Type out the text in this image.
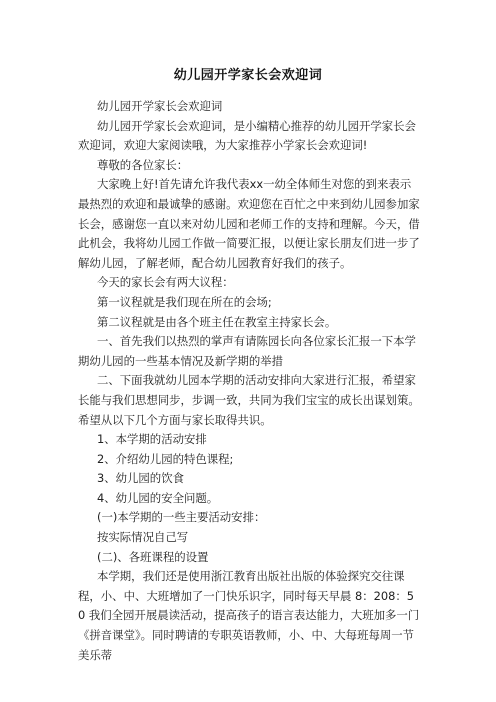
幼儿园开学家长会欢迎词

幼儿园开学家长会欢迎词

幼儿园开学家长会欢迎词，是小编精心推荐的幼儿园开学家长会欢迎词，欢迎大家阅读哦，为大家推荐小学家长会欢迎词!

尊敬的各位家长：

大家晚上好!首先请允许我代表xx一幼全体师生对您的到来表示最热烈的欢迎和最诚挚的感谢。欢迎您在百忙之中来到幼儿园参加家长会，感谢您一直以来对幼儿园和老师工作的支持和理解。今天，借此机会，我将幼儿园工作做一简要汇报，以便让家长朋友们进一步了解幼儿园，了解老师，配合幼儿园教育好我们的孩子。

今天的家长会有两大议程：

第一议程就是我们现在所在的会场;

第二议程就是由各个班主任在教室主持家长会。

一、首先我们以热烈的掌声有请陈园长向各位家长汇报一下本学期幼儿园的一些基本情况及新学期的举措

二、下面我就幼儿园本学期的活动安排向大家进行汇报，希望家长能与我们思想同步，步调一致，共同为我们宝宝的成长出谋划策。希望从以下几个方面与家长取得共识。

1、本学期的活动安排

2、介绍幼儿园的特色课程;

3、幼儿园的饮食

4、幼儿园的安全问题。

(一)本学期的一些主要活动安排：

按实际情况自己写

(二)、各班课程的设置

本学期，我们还是使用浙江教育出版社出版的体验探究交往课程，小、中、大班增加了一门快乐识字，同时每天早晨 8：208：50 我们全园开展晨读活动，提高孩子的语言表达能力，大班加多一门《拼音课堂》。同时聘请的专职英语教师，小、中、大每班每周一节美乐蒂
